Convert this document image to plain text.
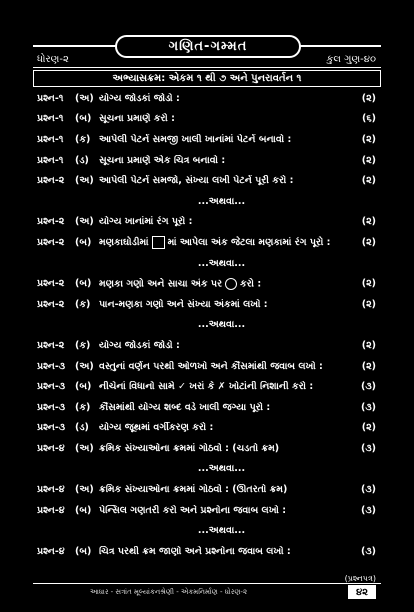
ગણિત-ગમ્મત
ધોરણ-૨	કુલ ગુણ-૪૦
અભ્યાસક્રમ: એકમ ૧ થી ૭ અને પુનરાવર્તન ૧
પ્રશ્ન-૧	(અ) યોગ્ય જોડકાં જોડો :	(૨)
પ્રશ્ન-૧	(બ) સૂચના પ્રમાણે કરો :	(૬)
પ્રશ્ન-૧	(ક) આપેલી પેટર્ન સમજી ખાલી ખાનાંમાં પેટર્ન બનાવો :	(૨)
પ્રશ્ન-૧	(ડ)	સૂચના પ્રમાણે એક ચિત્ર બનાવો :	(૨)
પ્રશ્ન-૨	(અ) આપેલી પેટર્ન સમજો, સંખ્યા લખી પેટર્ન પૂરી કરો :	(૨)
...અથવા...
પ્રશ્ન-૨	(અ) યોગ્ય ખાનાંમાં રંગ પૂરો :	(૨)
પ્રશ્ન-૨	(બ) મણકાઘોડીમાં માં આપેલા અંક જેટલા મણકામાં રંગ પૂરો :	(૨)
...અથવા...
પ્રશ્ન-૨	(બ) મણકા ગણો અને સાચા અંક પર કરો :	(૨)
પ્રશ્ન-૨	(ક) પાન-મણકા ગણો અને સંખ્યા અંકમાં લખો :	(૨)
...અથવા...
પ્રશ્ન-૨	(ક) યોગ્ય જોડકાં જોડો :	(૨)
પ્રશ્ન-૩	(અ) વસ્તુનાં વર્ણન પરથી ઓળખો અને કૌંસમાંથી જવાબ લખો :	(૨)
પ્રશ્ન-૩	(બ) નીચેનાં વિધાનો સામે ✓ ખરાં કે ✗ ખોટાંની નિશાની કરો :	(૩)
પ્રશ્ન-૩	(ક) કૌંસમાંથી યોગ્ય શબ્દ વડે ખાલી જગ્યા પૂરો :	(૩)
પ્રશ્ન-૩	(ડ)	યોગ્ય જૂથમાં વર્ગીકરણ કરો :	(૨)
પ્રશ્ન-૪	(અ) ક્રમિક સંખ્યાઓના ક્રમમાં ગોઠવો : (ચડતો ક્રમ)	(૩)
...અથવા...
પ્રશ્ન-૪	(અ) ક્રમિક સંખ્યાઓના ક્રમમાં ગોઠવો : (ઊતરતો ક્રમ)	(૩)
પ્રશ્ન-૪	(બ) પેન્સિલ ગણતરી કરો અને પ્રશ્નોના જવાબ લખો :	(૩)
...અથવા...
પ્રશ્ન-૪	(બ) ચિત્ર પરથી ક્રમ જાણો અને પ્રશ્નોના જવાબ લખો :	(૩)
(પ્રશ્નપત્ર)
આધાર - સત્રાંત મૂલ્યાંકનશ્રેણી - એકમનિર્માણ - ધોરણ-૨	૪૨
